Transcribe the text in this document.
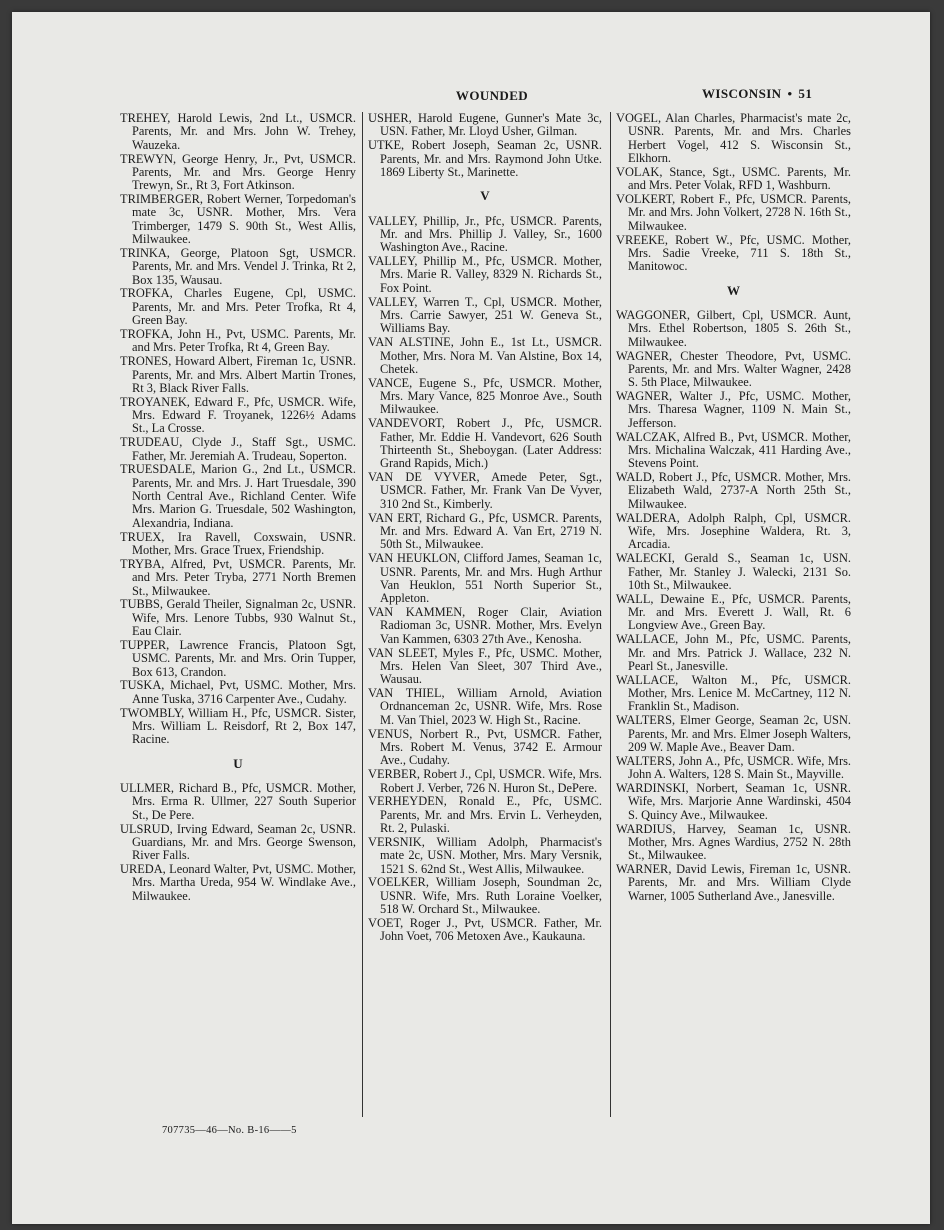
WOUNDED	WISCONSIN • 51
TREHEY, Harold Lewis, 2nd Lt., USMCR. Parents, Mr. and Mrs. John W. Trehey, Wauzeka.
TREWYN, George Henry, Jr., Pvt, USMCR. Parents, Mr. and Mrs. George Henry Trewyn, Sr., Rt 3, Fort Atkinson.
TRIMBERGER, Robert Werner, Torpedoman's mate 3c, USNR. Mother, Mrs. Vera Trimberger, 1479 S. 90th St., West Allis, Milwaukee.
TRINKA, George, Platoon Sgt, USMCR. Parents, Mr. and Mrs. Vendel J. Trinka, Rt 2, Box 135, Wausau.
TROFKA, Charles Eugene, Cpl, USMC. Parents, Mr. and Mrs. Peter Trofka, Rt 4, Green Bay.
TROFKA, John H., Pvt, USMC. Parents, Mr. and Mrs. Peter Trofka, Rt 4, Green Bay.
TRONES, Howard Albert, Fireman 1c, USNR. Parents, Mr. and Mrs. Albert Martin Trones, Rt 3, Black River Falls.
TROYANEK, Edward F., Pfc, USMCR. Wife, Mrs. Edward F. Troyanek, 1226½ Adams St., La Crosse.
TRUDEAU, Clyde J., Staff Sgt., USMC. Father, Mr. Jeremiah A. Trudeau, Soperton.
TRUESDALE, Marion G., 2nd Lt., USMCR. Parents, Mr. and Mrs. J. Hart Truesdale, 390 North Central Ave., Richland Center. Wife Mrs. Marion G. Truesdale, 502 Washington, Alexandria, Indiana.
TRUEX, Ira Ravell, Coxswain, USNR. Mother, Mrs. Grace Truex, Friendship.
TRYBA, Alfred, Pvt, USMCR. Parents, Mr. and Mrs. Peter Tryba, 2771 North Bremen St., Milwaukee.
TUBBS, Gerald Theiler, Signalman 2c, USNR. Wife, Mrs. Lenore Tubbs, 930 Walnut St., Eau Clair.
TUPPER, Lawrence Francis, Platoon Sgt, USMC. Parents, Mr. and Mrs. Orin Tupper, Box 613, Crandon.
TUSKA, Michael, Pvt, USMC. Mother, Mrs. Anne Tuska, 3716 Carpenter Ave., Cudahy.
TWOMBLY, William H., Pfc, USMCR. Sister, Mrs. William L. Reisdorf, Rt 2, Box 147, Racine.
U
ULLMER, Richard B., Pfc, USMCR. Mother, Mrs. Erma R. Ullmer, 227 South Superior St., De Pere.
ULSRUD, Irving Edward, Seaman 2c, USNR. Guardians, Mr. and Mrs. George Swenson, River Falls.
UREDA, Leonard Walter, Pvt, USMC. Mother, Mrs. Martha Ureda, 954 W. Windlake Ave., Milwaukee.
USHER, Harold Eugene, Gunner's Mate 3c, USN. Father, Mr. Lloyd Usher, Gilman.
UTKE, Robert Joseph, Seaman 2c, USNR. Parents, Mr. and Mrs. Raymond John Utke. 1869 Liberty St., Marinette.
V
VALLEY, Phillip, Jr., Pfc, USMCR. Parents, Mr. and Mrs. Phillip J. Valley, Sr., 1600 Washington Ave., Racine.
VALLEY, Phillip M., Pfc, USMCR. Mother, Mrs. Marie R. Valley, 8329 N. Richards St., Fox Point.
VALLEY, Warren T., Cpl, USMCR. Mother, Mrs. Carrie Sawyer, 251 W. Geneva St., Williams Bay.
VAN ALSTINE, John E., 1st Lt., USMCR. Mother, Mrs. Nora M. Van Alstine, Box 14, Chetek.
VANCE, Eugene S., Pfc, USMCR. Mother, Mrs. Mary Vance, 825 Monroe Ave., South Milwaukee.
VANDEVORT, Robert J., Pfc, USMCR. Father, Mr. Eddie H. Vandevort, 626 South Thirteenth St., Sheboygan. (Later Address: Grand Rapids, Mich.)
VAN DE VYVER, Amede Peter, Sgt., USMCR. Father, Mr. Frank Van De Vyver, 310 2nd St., Kimberly.
VAN ERT, Richard G., Pfc, USMCR. Parents, Mr. and Mrs. Edward A. Van Ert, 2719 N. 50th St., Milwaukee.
VAN HEUKLON, Clifford James, Seaman 1c, USNR. Parents, Mr. and Mrs. Hugh Arthur Van Heuklon, 551 North Superior St., Appleton.
VAN KAMMEN, Roger Clair, Aviation Radioman 3c, USNR. Mother, Mrs. Evelyn Van Kammen, 6303 27th Ave., Kenosha.
VAN SLEET, Myles F., Pfc, USMC. Mother, Mrs. Helen Van Sleet, 307 Third Ave., Wausau.
VAN THIEL, William Arnold, Aviation Ordnanceman 2c, USNR. Wife, Mrs. Rose M. Van Thiel, 2023 W. High St., Racine.
VENUS, Norbert R., Pvt, USMCR. Father, Mrs. Robert M. Venus, 3742 E. Armour Ave., Cudahy.
VERBER, Robert J., Cpl, USMCR. Wife, Mrs. Robert J. Verber, 726 N. Huron St., DePere.
VERHEYDEN, Ronald E., Pfc, USMC. Parents, Mr. and Mrs. Ervin L. Verheyden, Rt. 2, Pulaski.
VERSNIK, William Adolph, Pharmacist's mate 2c, USN. Mother, Mrs. Mary Versnik, 1521 S. 62nd St., West Allis, Milwaukee.
VOELKER, William Joseph, Soundman 2c, USNR. Wife, Mrs. Ruth Loraine Voelker, 518 W. Orchard St., Milwaukee.
VOET, Roger J., Pvt, USMCR. Father, Mr. John Voet, 706 Metoxen Ave., Kaukauna.
VOGEL, Alan Charles, Pharmacist's mate 2c, USNR. Parents, Mr. and Mrs. Charles Herbert Vogel, 412 S. Wisconsin St., Elkhorn.
VOLAK, Stance, Sgt., USMC. Parents, Mr. and Mrs. Peter Volak, RFD 1, Washburn.
VOLKERT, Robert F., Pfc, USMCR. Parents, Mr. and Mrs. John Volkert, 2728 N. 16th St., Milwaukee.
VREEKE, Robert W., Pfc, USMC. Mother, Mrs. Sadie Vreeke, 711 S. 18th St., Manitowoc.
W
WAGGONER, Gilbert, Cpl, USMCR. Aunt, Mrs. Ethel Robertson, 1805 S. 26th St., Milwaukee.
WAGNER, Chester Theodore, Pvt, USMC. Parents, Mr. and Mrs. Walter Wagner, 2428 S. 5th Place, Milwaukee.
WAGNER, Walter J., Pfc, USMC. Mother, Mrs. Tharesa Wagner, 1109 N. Main St., Jefferson.
WALCZAK, Alfred B., Pvt, USMCR. Mother, Mrs. Michalina Walczak, 411 Harding Ave., Stevens Point.
WALD, Robert J., Pfc, USMCR. Mother, Mrs. Elizabeth Wald, 2737-A North 25th St., Milwaukee.
WALDERA, Adolph Ralph, Cpl, USMCR. Wife, Mrs. Josephine Waldera, Rt. 3, Arcadia.
WALECKI, Gerald S., Seaman 1c, USN. Father, Mr. Stanley J. Walecki, 2131 So. 10th St., Milwaukee.
WALL, Dewaine E., Pfc, USMCR. Parents, Mr. and Mrs. Everett J. Wall, Rt. 6 Longview Ave., Green Bay.
WALLACE, John M., Pfc, USMC. Parents, Mr. and Mrs. Patrick J. Wallace, 232 N. Pearl St., Janesville.
WALLACE, Walton M., Pfc, USMCR. Mother, Mrs. Lenice M. McCartney, 112 N. Franklin St., Madison.
WALTERS, Elmer George, Seaman 2c, USN. Parents, Mr. and Mrs. Elmer Joseph Walters, 209 W. Maple Ave., Beaver Dam.
WALTERS, John A., Pfc, USMCR. Wife, Mrs. John A. Walters, 128 S. Main St., Mayville.
WARDINSKI, Norbert, Seaman 1c, USNR. Wife, Mrs. Marjorie Anne Wardinski, 4504 S. Quincy Ave., Milwaukee.
WARDIUS, Harvey, Seaman 1c, USNR. Mother, Mrs. Agnes Wardius, 2752 N. 28th St., Milwaukee.
WARNER, David Lewis, Fireman 1c, USNR. Parents, Mr. and Mrs. William Clyde Warner, 1005 Sutherland Ave., Janesville.
707735—46—No. B-16——5
